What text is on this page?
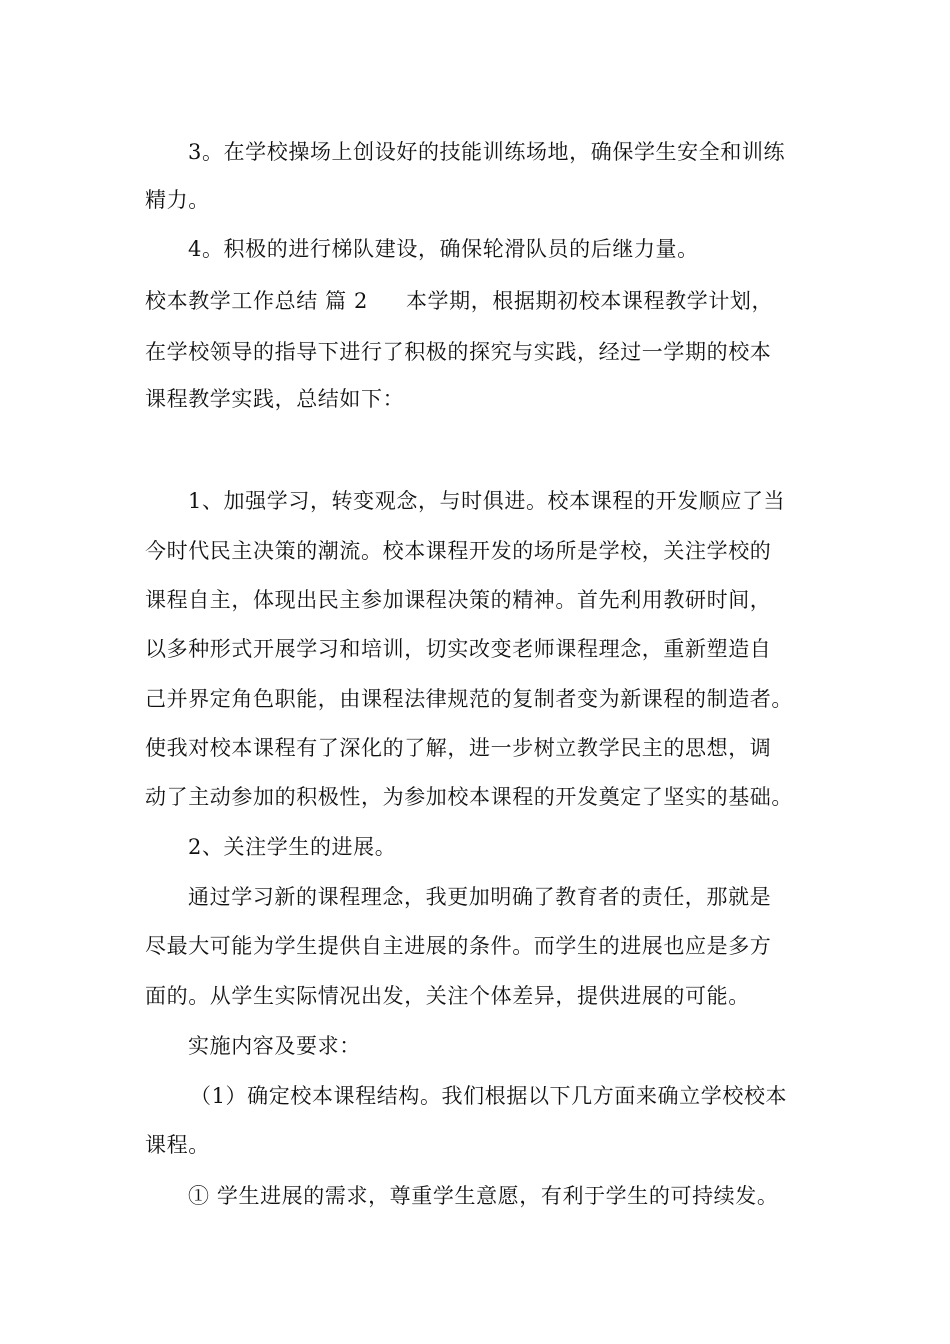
3。在学校操场上创设好的技能训练场地，确保学生安全和训练
精力。
4。积极的进行梯队建设，确保轮滑队员的后继力量。
校本教学工作总结 篇 2 本学期，根据期初校本课程教学计划，
在学校领导的指导下进行了积极的探究与实践，经过一学期的校本
课程教学实践，总结如下：
1、加强学习，转变观念，与时俱进。校本课程的开发顺应了当
今时代民主决策的潮流。校本课程开发的场所是学校，关注学校的
课程自主，体现出民主参加课程决策的精神。首先利用教研时间，
以多种形式开展学习和培训，切实改变老师课程理念，重新塑造自
己并界定角色职能，由课程法律规范的复制者变为新课程的制造者。
使我对校本课程有了深化的了解，进一步树立教学民主的思想，调
动了主动参加的积极性，为参加校本课程的开发奠定了坚实的基础。
2、关注学生的进展。
通过学习新的课程理念，我更加明确了教育者的责任，那就是
尽最大可能为学生提供自主进展的条件。而学生的进展也应是多方
面的。从学生实际情况出发，关注个体差异，提供进展的可能。
实施内容及要求：
（1）确定校本课程结构。我们根据以下几方面来确立学校校本
课程。
① 学生进展的需求，尊重学生意愿，有利于学生的可持续发。
